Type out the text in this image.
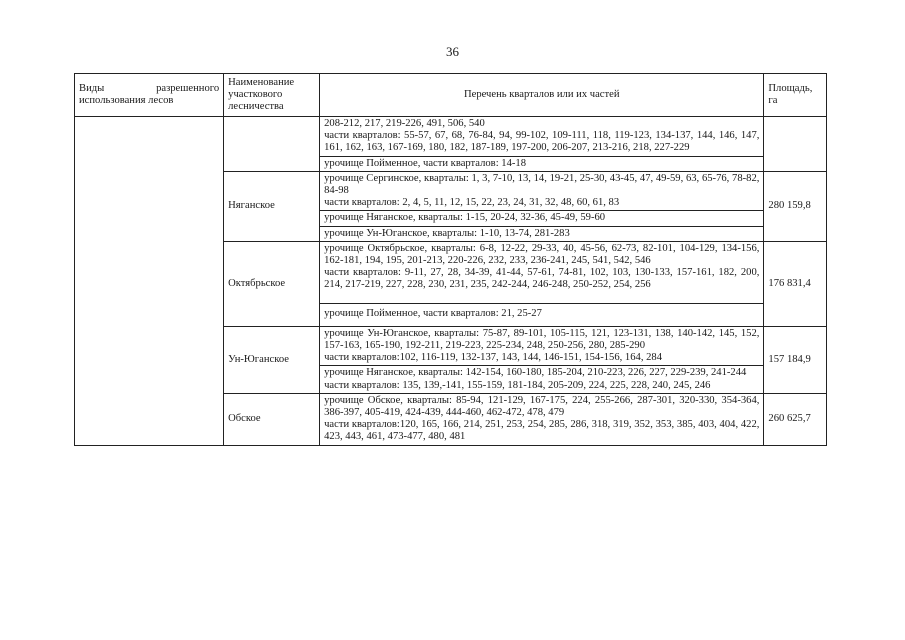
36
Виды разрешенного
использования лесов	Наименование участкового лесничества	Перечень кварталов или их частей	Площадь, га

		208-212, 217, 219-226, 491, 506, 540
части кварталов: 55-57, 67, 68, 76-84, 94, 99-102, 109-111, 118, 119-123, 134-137, 144, 146, 147, 161, 162, 163, 167-169, 180, 182, 187-189, 197-200, 206-207, 213-216, 218, 227-229	

		урочище Пойменное, части кварталов: 14-18	

	Няганское	урочище Сергинское, кварталы: 1, 3, 7-10, 13, 14, 19-21, 25-30, 43-45, 47, 49-59, 63, 65-76, 78-82, 84-98
части кварталов: 2, 4, 5, 11, 12, 15, 22, 23, 24, 31, 32, 48, 60, 61, 83	280 159,8

		урочище Няганское, кварталы: 1-15, 20-24, 32-36, 45-49, 59-60	

		урочище Ун-Юганское, кварталы: 1-10, 13-74, 281-283	

	Октябрьское	урочище Октябрьское, кварталы: 6-8, 12-22, 29-33, 40, 45-56, 62-73, 82-101, 104-129, 134-156, 162-181, 194, 195, 201-213, 220-226, 232, 233, 236-241, 245, 541, 542, 546
части кварталов: 9-11, 27, 28, 34-39, 41-44, 57-61, 74-81, 102, 103, 130-133, 157-161, 182, 200, 214, 217-219, 227, 228, 230, 231, 235, 242-244, 246-248, 250-252, 254, 256	176 831,4

		урочище Пойменное, части кварталов: 21, 25-27	

	Ун-Юганское	урочище Ун-Юганское, кварталы: 75-87, 89-101, 105-115, 121, 123-131, 138, 140-142, 145, 152, 157-163, 165-190, 192-211, 219-223, 225-234, 248, 250-256, 280, 285-290
части кварталов:102, 116-119, 132-137, 143, 144, 146-151, 154-156, 164, 284	157 184,9

		урочище Няганское, кварталы: 142-154, 160-180, 185-204, 210-223, 226, 227, 229-239, 241-244
части кварталов: 135, 139,-141, 155-159, 181-184, 205-209, 224, 225, 228, 240, 245, 246	

	Обское	урочище Обское, кварталы: 85-94, 121-129, 167-175, 224, 255-266, 287-301, 320-330, 354-364, 386-397, 405-419, 424-439, 444-460, 462-472, 478, 479
части кварталов:120, 165, 166, 214, 251, 253, 254, 285, 286, 318, 319, 352, 353, 385, 403, 404, 422, 423, 443, 461, 473-477, 480, 481	260 625,7
